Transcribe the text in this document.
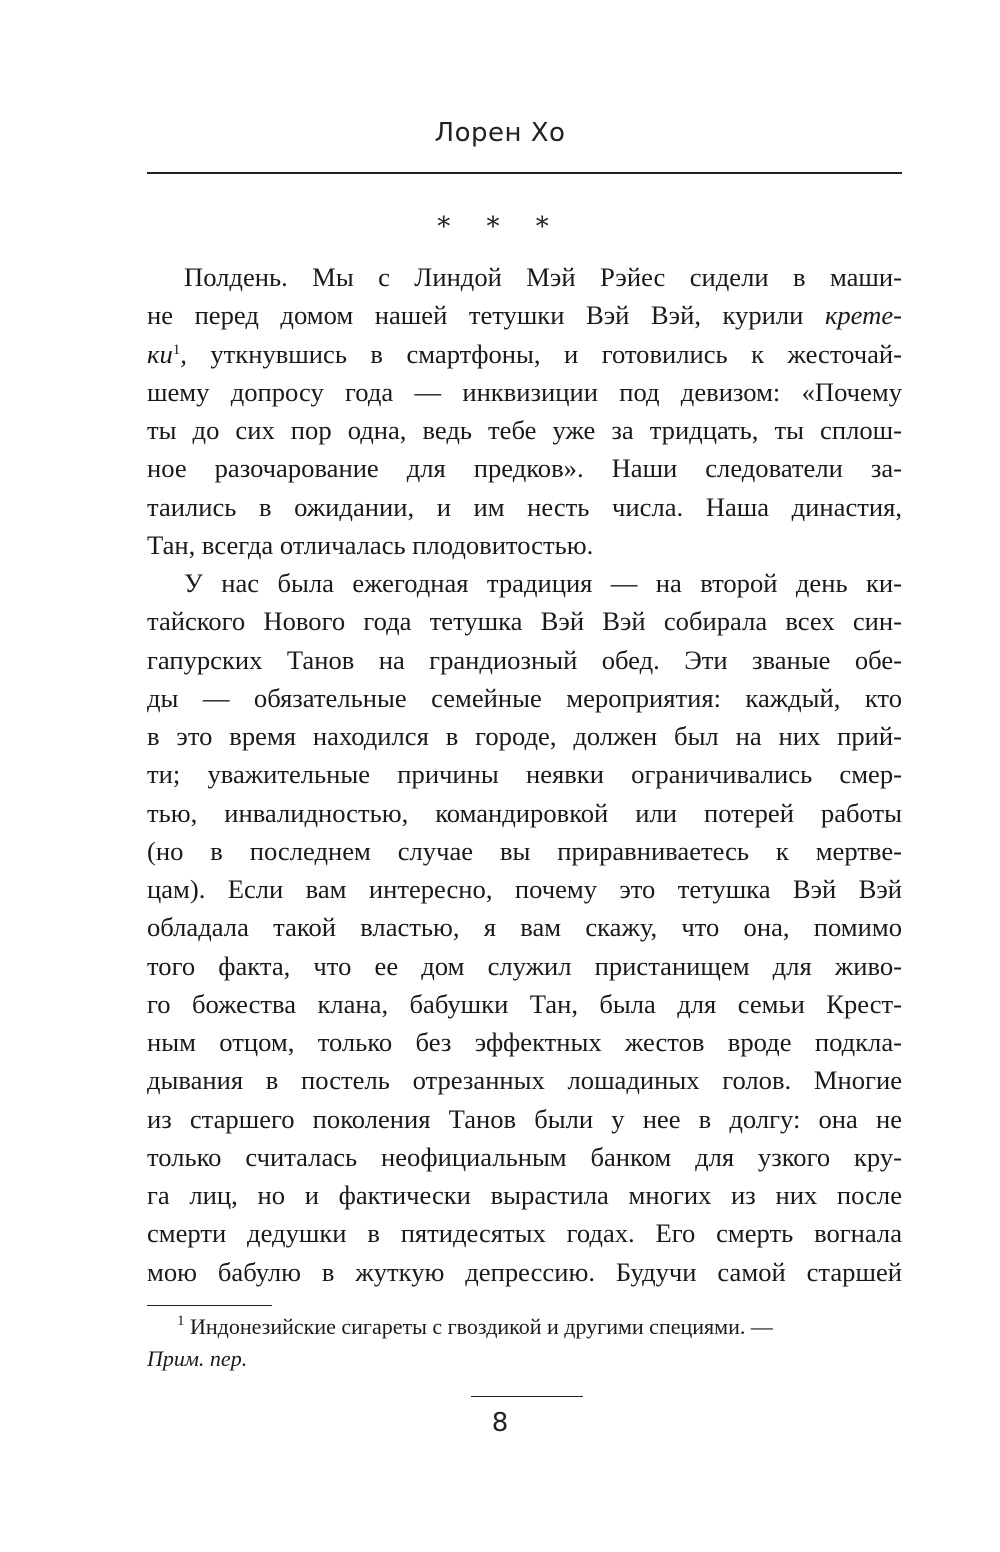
Лорен Хо
* * *
Полдень. Мы с Линдой Мэй Рэйес сидели в маши-
не перед домом нашей тетушки Вэй Вэй, курили крете-
$ки^1$, уткнувшись в смартфоны, и готовились к жесточай-
шему допросу года — инквизиции под девизом: «Почему
ты до сих пор одна, ведь тебе уже за тридцать, ты сплош-
ное разочарование для предков». Наши следователи за-
таились в ожидании, и им несть числа. Наша династия,
Тан, всегда отличалась плодовитостью.
У нас была ежегодная традиция — на второй день ки-
тайского Нового года тетушка Вэй Вэй собирала всех син-
гапурских Танов на грандиозный обед. Эти званые обе-
ды — обязательные семейные мероприятия: каждый, кто
в это время находился в городе, должен был на них прий-
ти; уважительные причины неявки ограничивались смер-
тью, инвалидностью, командировкой или потерей работы
(но в последнем случае вы приравниваетесь к мертве-
цам). Если вам интересно, почему это тетушка Вэй Вэй
обладала такой властью, я вам скажу, что она, помимо
того факта, что ее дом служил пристанищем для живо-
го божества клана, бабушки Тан, была для семьи Крест-
ным отцом, только без эффектных жестов вроде подкла-
дывания в постель отрезанных лошадиных голов. Многие
из старшего поколения Танов были у нее в долгу: она не
только считалась неофициальным банком для узкого кру-
га лиц, но и фактически вырастила многих из них после
смерти дедушки в пятидесятых годах. Его смерть вогнала
мою бабулю в жуткую депрессию. Будучи самой старшей
$^1$ Индонезийские сигареты с гвоздикой и другими специями. —
Прим. пер.
8
